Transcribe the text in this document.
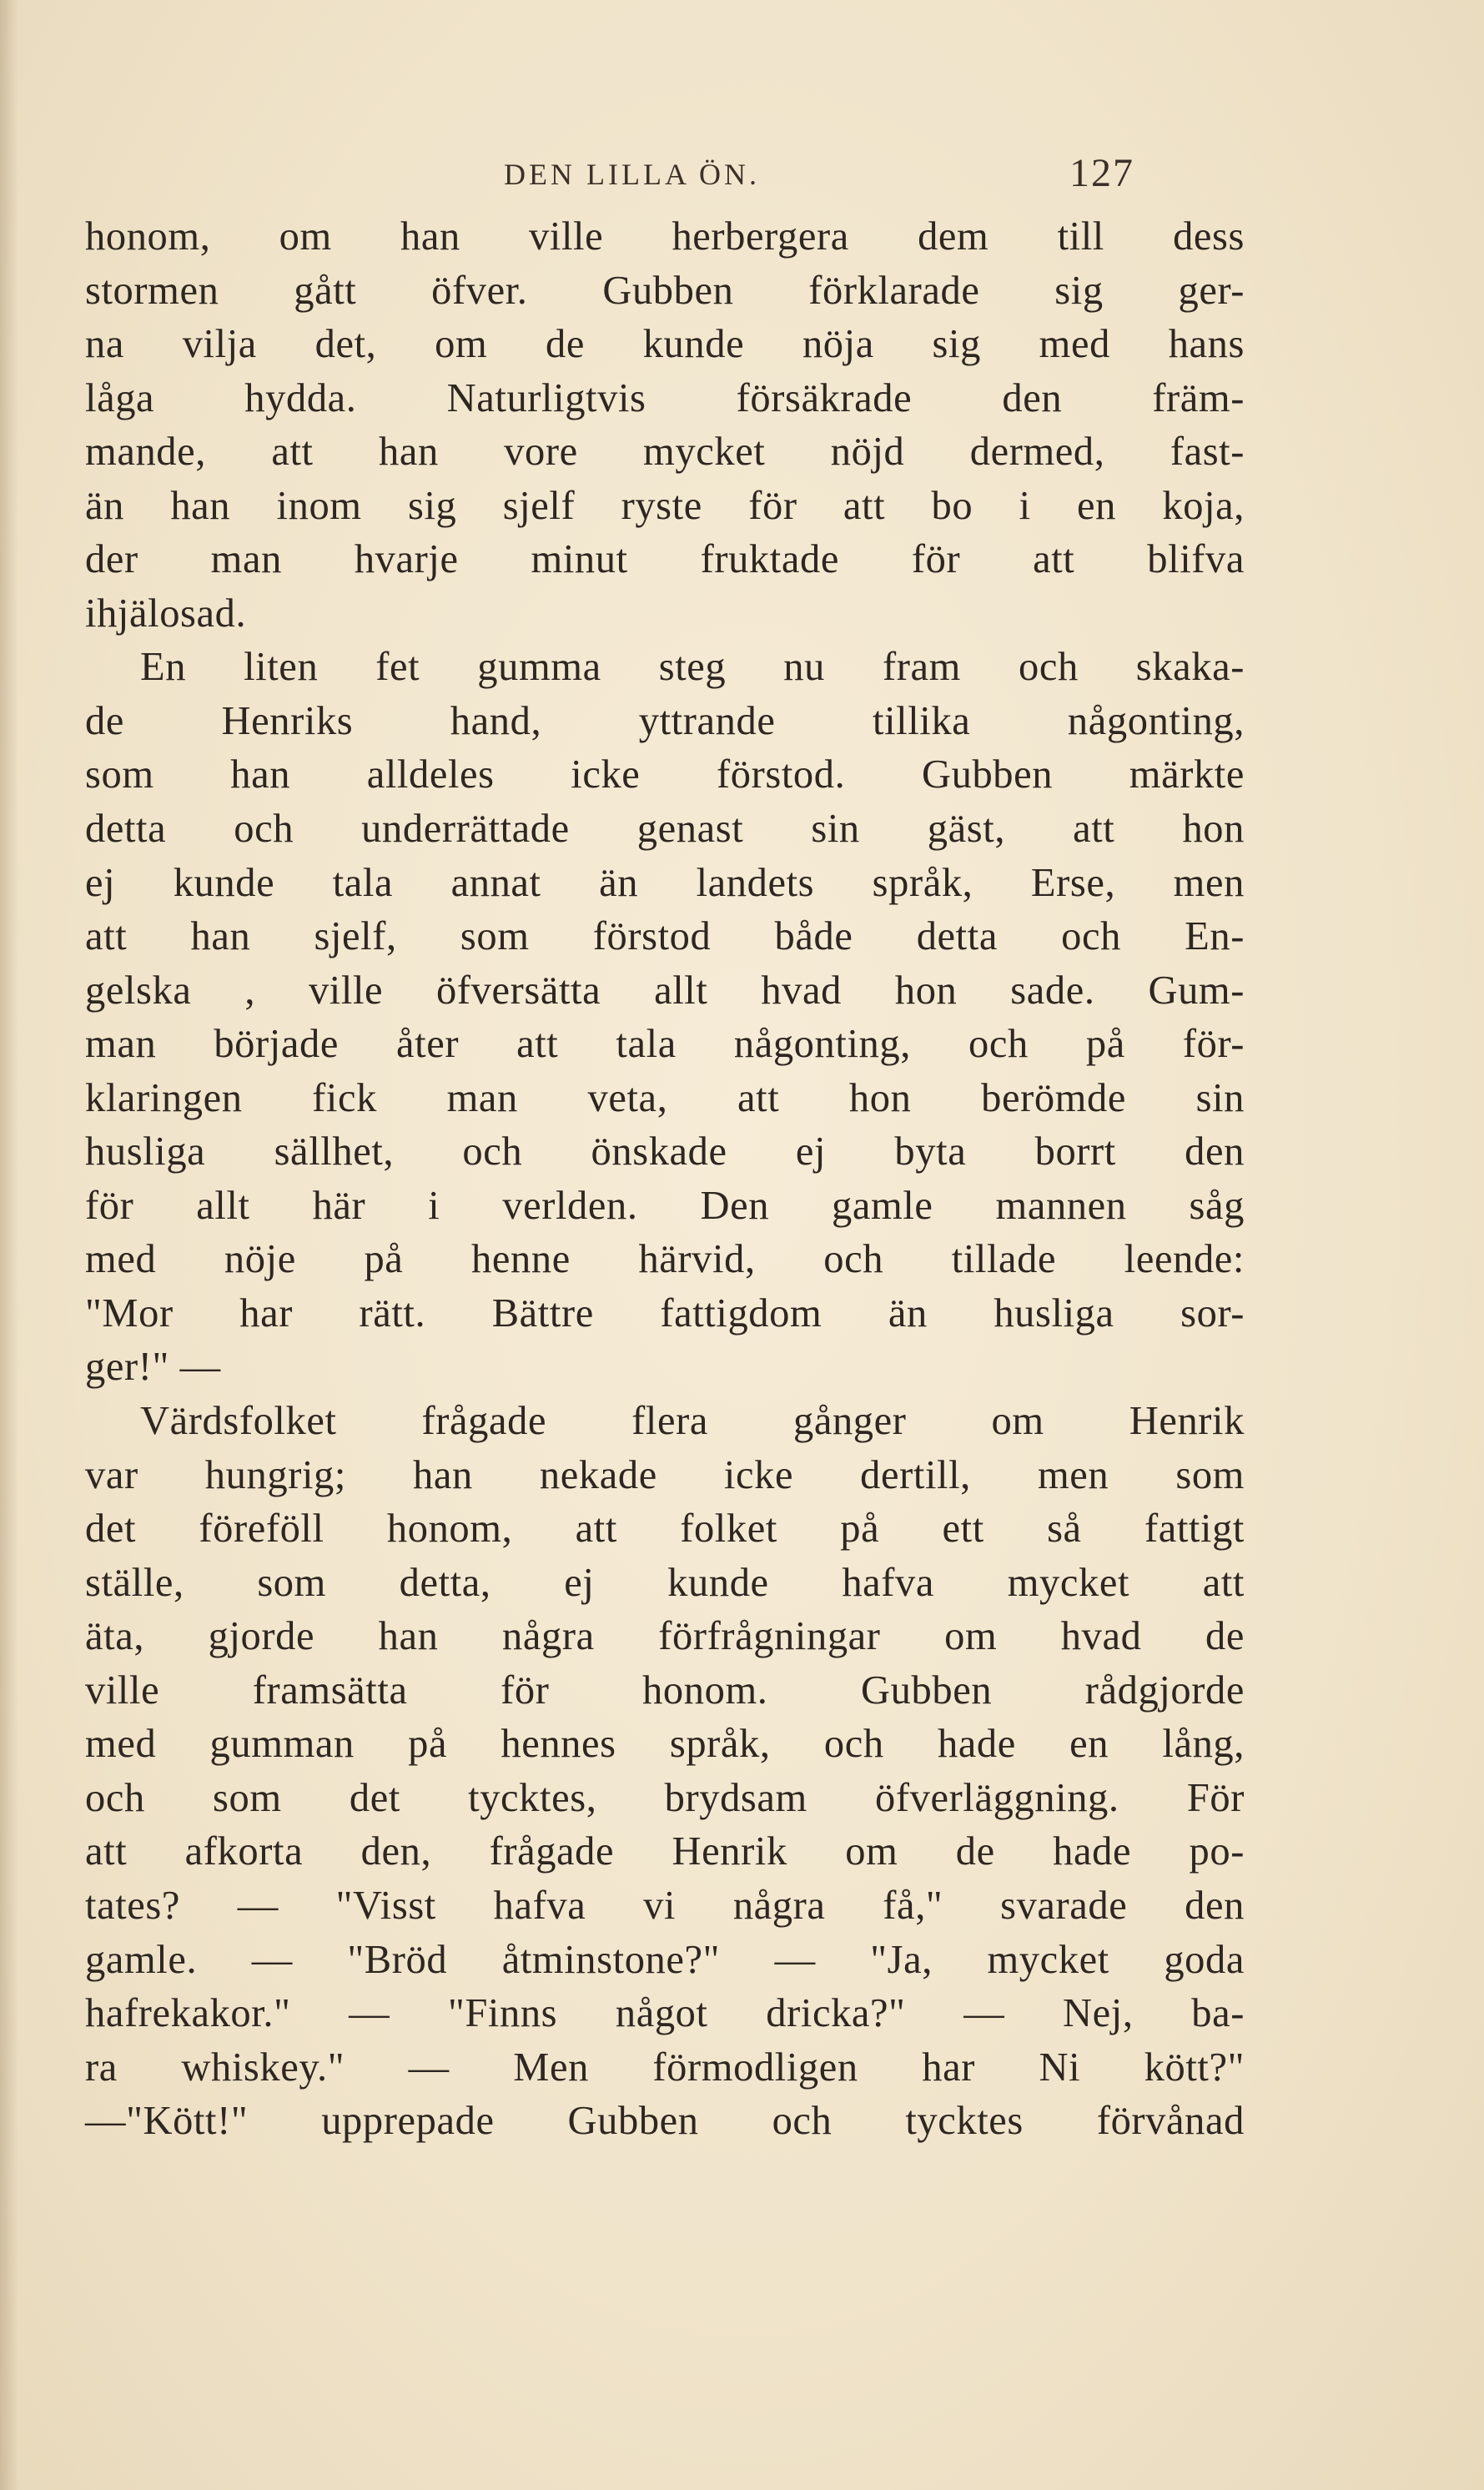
DEN LILLA ÖN.	127
honom, om han ville herbergera dem till dess
stormen gått öfver. Gubben förklarade sig ger-
na vilja det, om de kunde nöja sig med hans
låga hydda. Naturligtvis försäkrade den främ-
mande, att han vore mycket nöjd dermed, fast-
än han inom sig sjelf ryste för att bo i en koja,
der man hvarje minut fruktade för att blifva
ihjälosad.
En liten fet gumma steg nu fram och skaka-
de Henriks hand, yttrande tillika någonting,
som han alldeles icke förstod. Gubben märkte
detta och underrättade genast sin gäst, att hon
ej kunde tala annat än landets språk, Erse, men
att han sjelf, som förstod både detta och En-
gelska , ville öfversätta allt hvad hon sade. Gum-
man började åter att tala någonting, och på för-
klaringen fick man veta, att hon berömde sin
husliga sällhet, och önskade ej byta borrt den
för allt här i verlden. Den gamle mannen såg
med nöje på henne härvid, och tillade leende:
"Mor har rätt. Bättre fattigdom än husliga sor-
ger!" —
Värdsfolket frågade flera gånger om Henrik
var hungrig; han nekade icke dertill, men som
det föreföll honom, att folket på ett så fattigt
ställe, som detta, ej kunde hafva mycket att
äta, gjorde han några förfrågningar om hvad de
ville framsätta för honom. Gubben rådgjorde
med gumman på hennes språk, och hade en lång,
och som det tycktes, brydsam öfverläggning. För
att afkorta den, frågade Henrik om de hade po-
tates? — "Visst hafva vi några få," svarade den
gamle. — "Bröd åtminstone?" — "Ja, mycket goda
hafrekakor." — "Finns något dricka?" — Nej, ba-
ra whiskey." — Men förmodligen har Ni kött?"
—"Kött!" upprepade Gubben och tycktes förvånad
